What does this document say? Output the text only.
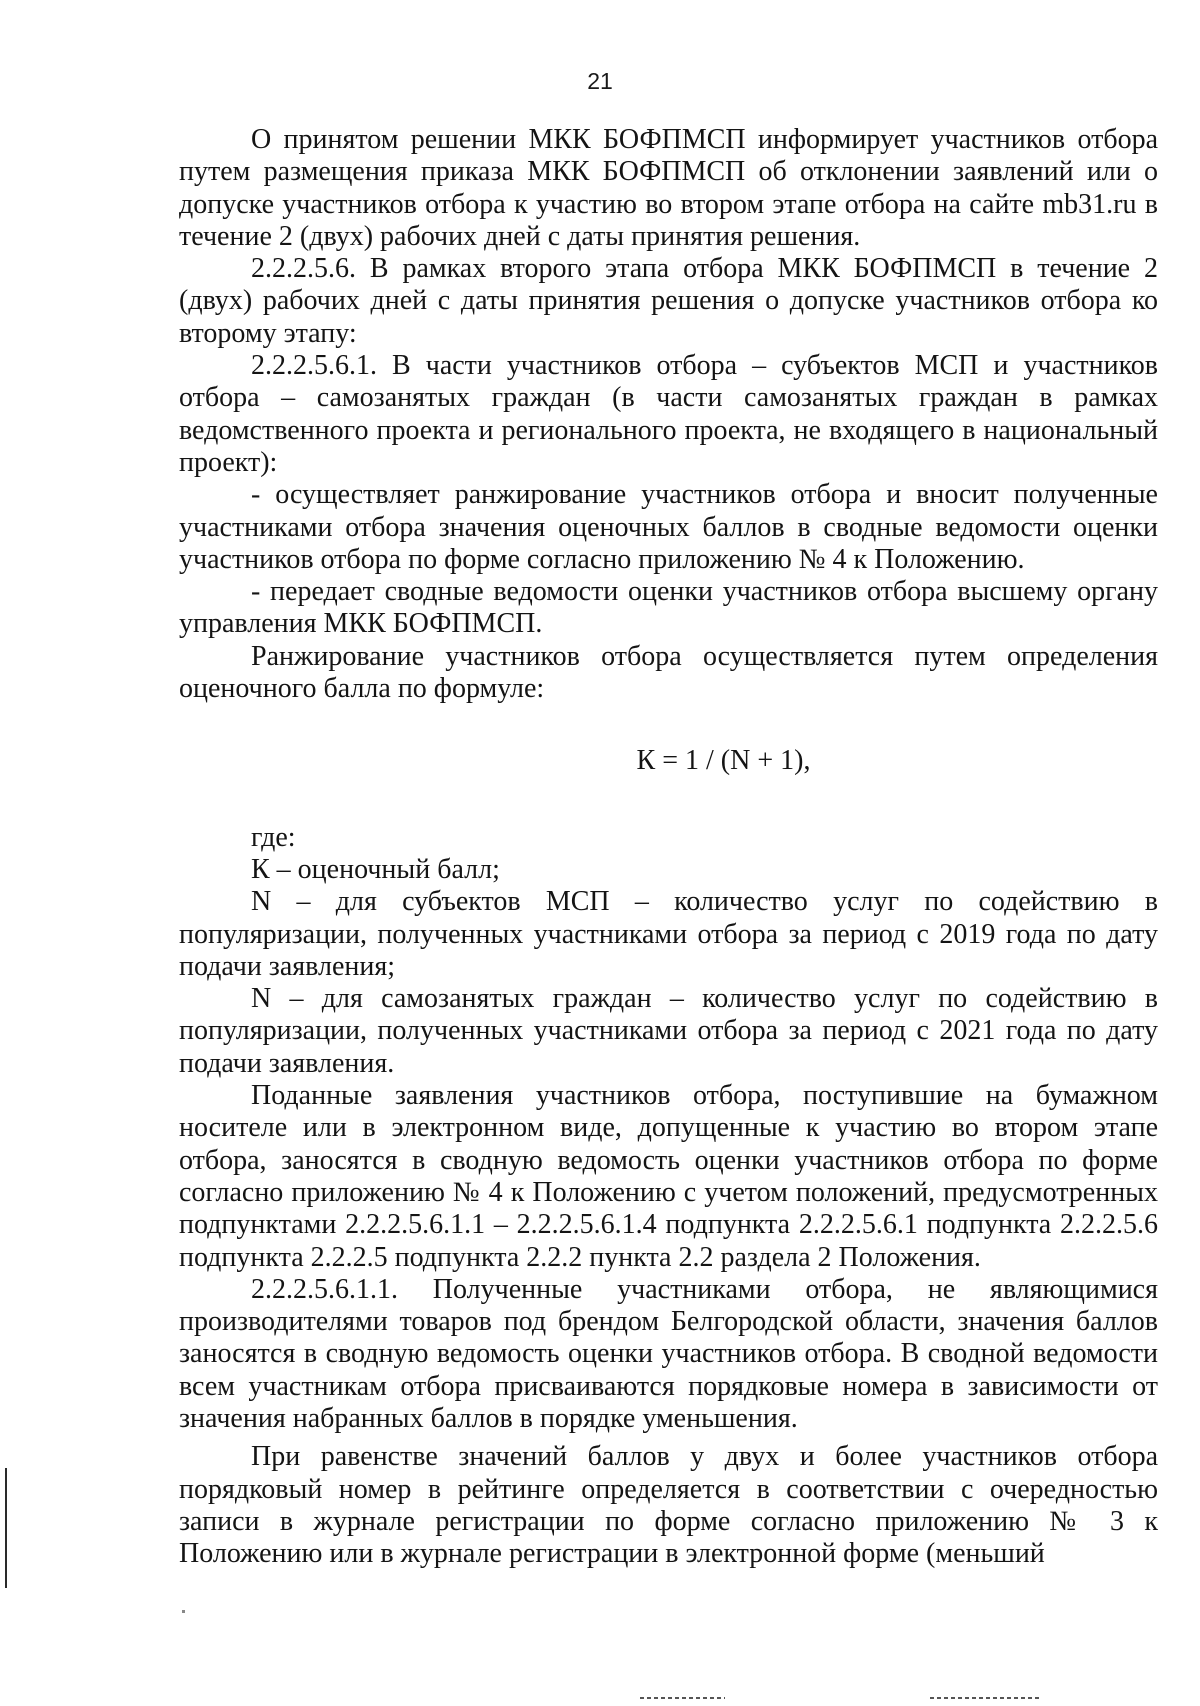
21

О принятом решении МКК БОФПМСП информирует участников отбора путем размещения приказа МКК БОФПМСП об отклонении заявлений или о допуске участников отбора к участию во втором этапе отбора на сайте mb31.ru в течение 2 (двух) рабочих дней с даты принятия решения.

2.2.2.5.6. В рамках второго этапа отбора МКК БОФПМСП в течение 2 (двух) рабочих дней с даты принятия решения о допуске участников отбора ко второму этапу:

2.2.2.5.6.1. В части участников отбора – субъектов МСП и участников отбора – самозанятых граждан (в части самозанятых граждан в рамках ведомственного проекта и регионального проекта, не входящего в национальный проект):

- осуществляет ранжирование участников отбора и вносит полученные участниками отбора значения оценочных баллов в сводные ведомости оценки участников отбора по форме согласно приложению № 4 к Положению.

- передает сводные ведомости оценки участников отбора высшему органу управления МКК БОФПМСП.

Ранжирование участников отбора осуществляется путем определения оценочного балла по формуле:

К = 1 / (N + 1),

где:

К – оценочный балл;

N – для субъектов МСП – количество услуг по содействию в популяризации, полученных участниками отбора за период с 2019 года по дату подачи заявления;

N – для самозанятых граждан – количество услуг по содействию в популяризации, полученных участниками отбора за период с 2021 года по дату подачи заявления.

Поданные заявления участников отбора, поступившие на бумажном носителе или в электронном виде, допущенные к участию во втором этапе отбора, заносятся в сводную ведомость оценки участников отбора по форме согласно приложению № 4 к Положению с учетом положений, предусмотренных подпунктами 2.2.2.5.6.1.1 – 2.2.2.5.6.1.4 подпункта 2.2.2.5.6.1 подпункта 2.2.2.5.6 подпункта 2.2.2.5 подпункта 2.2.2 пункта 2.2 раздела 2 Положения.

2.2.2.5.6.1.1. Полученные участниками отбора, не являющимися производителями товаров под брендом Белгородской области, значения баллов заносятся в сводную ведомость оценки участников отбора. В сводной ведомости всем участникам отбора присваиваются порядковые номера в зависимости от значения набранных баллов в порядке уменьшения.

При равенстве значений баллов у двух и более участников отбора порядковый номер в рейтинге определяется в соответствии с очередностью записи в журнале регистрации по форме согласно приложению № 3 к Положению или в журнале регистрации в электронной форме (меньший
